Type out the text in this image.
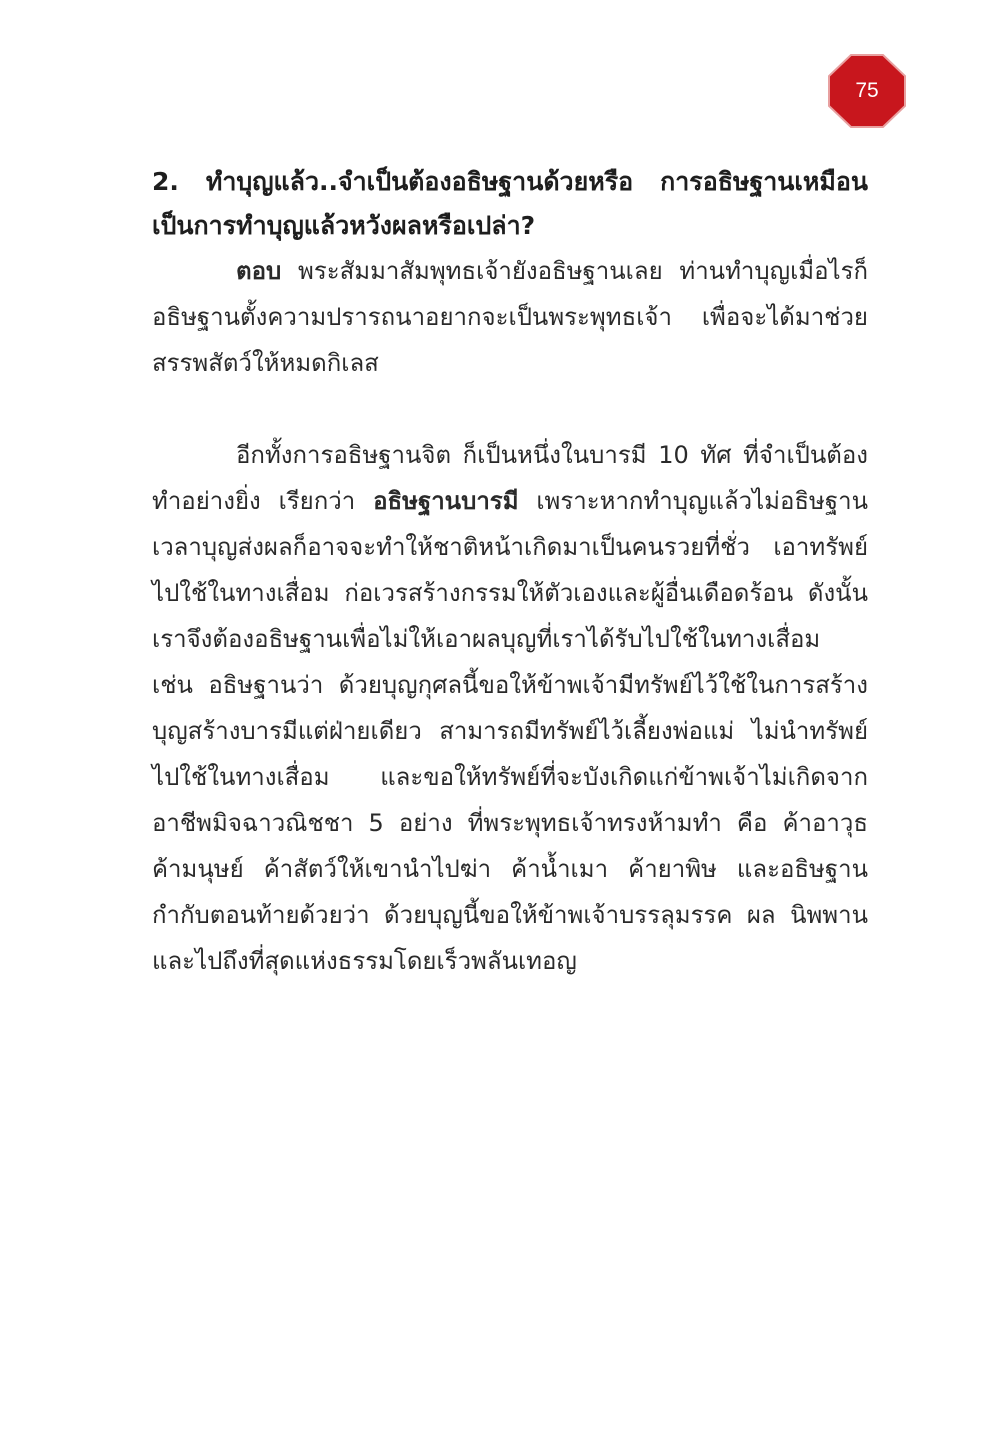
75

2. ทำบุญแล้ว..จำเป็นต้องอธิษฐานด้วยหรือ การอธิษฐานเหมือนเป็นการทำบุญแล้วหวังผลหรือเปล่า?

ตอบ พระสัมมาสัมพุทธเจ้ายังอธิษฐานเลย ท่านทำบุญเมื่อไรก็อธิษฐานตั้งความปรารถนาอยากจะเป็นพระพุทธเจ้า เพื่อจะได้มาช่วยสรรพสัตว์ให้หมดกิเลส

อีกทั้งการอธิษฐานจิต ก็เป็นหนึ่งในบารมี 10 ทัศ ที่จำเป็นต้องทำอย่างยิ่ง เรียกว่า อธิษฐานบารมี เพราะหากทำบุญแล้วไม่อธิษฐาน เวลาบุญส่งผลก็อาจจะทำให้ชาติหน้าเกิดมาเป็นคนรวยที่ชั่ว เอาทรัพย์ไปใช้ในทางเสื่อม ก่อเวรสร้างกรรมให้ตัวเองและผู้อื่นเดือดร้อน ดังนั้นเราจึงต้องอธิษฐานเพื่อไม่ให้เอาผลบุญที่เราได้รับไปใช้ในทางเสื่อม เช่น อธิษฐานว่า ด้วยบุญกุศลนี้ขอให้ข้าพเจ้ามีทรัพย์ไว้ใช้ในการสร้างบุญสร้างบารมีแต่ฝ่ายเดียว สามารถมีทรัพย์ไว้เลี้ยงพ่อแม่ ไม่นำทรัพย์ไปใช้ในทางเสื่อม และขอให้ทรัพย์ที่จะบังเกิดแก่ข้าพเจ้าไม่เกิดจากอาชีพมิจฉาวณิชชา 5 อย่าง ที่พระพุทธเจ้าทรงห้ามทำ คือ ค้าอาวุธ ค้ามนุษย์ ค้าสัตว์ให้เขานำไปฆ่า ค้าน้ำเมา ค้ายาพิษ และอธิษฐานกำกับตอนท้ายด้วยว่า ด้วยบุญนี้ขอให้ข้าพเจ้าบรรลุมรรค ผล นิพพาน และไปถึงที่สุดแห่งธรรมโดยเร็วพลันเทอญ
